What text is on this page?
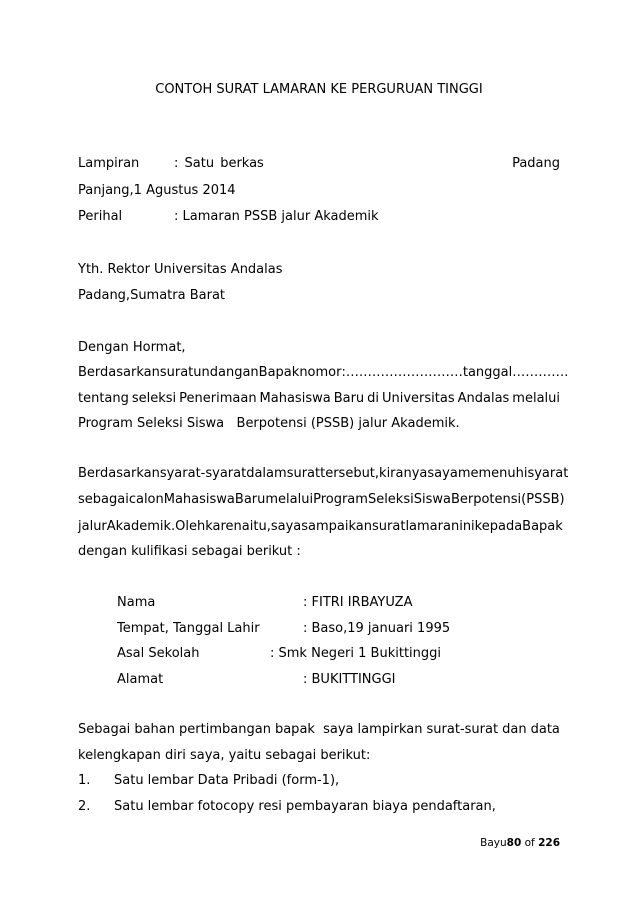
CONTOH SURAT LAMARAN KE PERGURUAN TINGGI
Lampiran	: Satu berkas	Padang
Panjang,1 Agustus 2014
Perihal	: Lamaran PSSB jalur Akademik
Yth. Rektor Universitas Andalas
Padang,Sumatra Barat
Dengan Hormat,
Berdasarkan surat undangan Bapak nomor : ……………………… tanggal ………….
tentang seleksi Penerimaan Mahasiswa Baru di Universitas Andalas melalui
Program Seleksi Siswa   Berpotensi (PSSB) jalur Akademik.
Berdasarkan syarat-syarat dalam surat tersebut, kiranya saya memenuhi syarat
sebagai calon Mahasiswa Baru melalui Program Seleksi Siswa Berpotensi (PSSB)
jalur Akademik. Oleh karena itu, saya sampaikan surat lamaran ini kepada Bapak
dengan kulifikasi sebagai berikut :
Nama	: FITRI IRBAYUZA
Tempat, Tanggal Lahir	: Baso,19 januari 1995
Asal Sekolah	: Smk Negeri 1 Bukittinggi
Alamat	: BUKITTINGGI
Sebagai bahan pertimbangan bapak saya lampirkan surat-surat dan data
kelengkapan diri saya, yaitu sebagai berikut:
1. Satu lembar Data Pribadi (form-1),
2. Satu lembar fotocopy resi pembayaran biaya pendaftaran,
Bayu80 of 226
